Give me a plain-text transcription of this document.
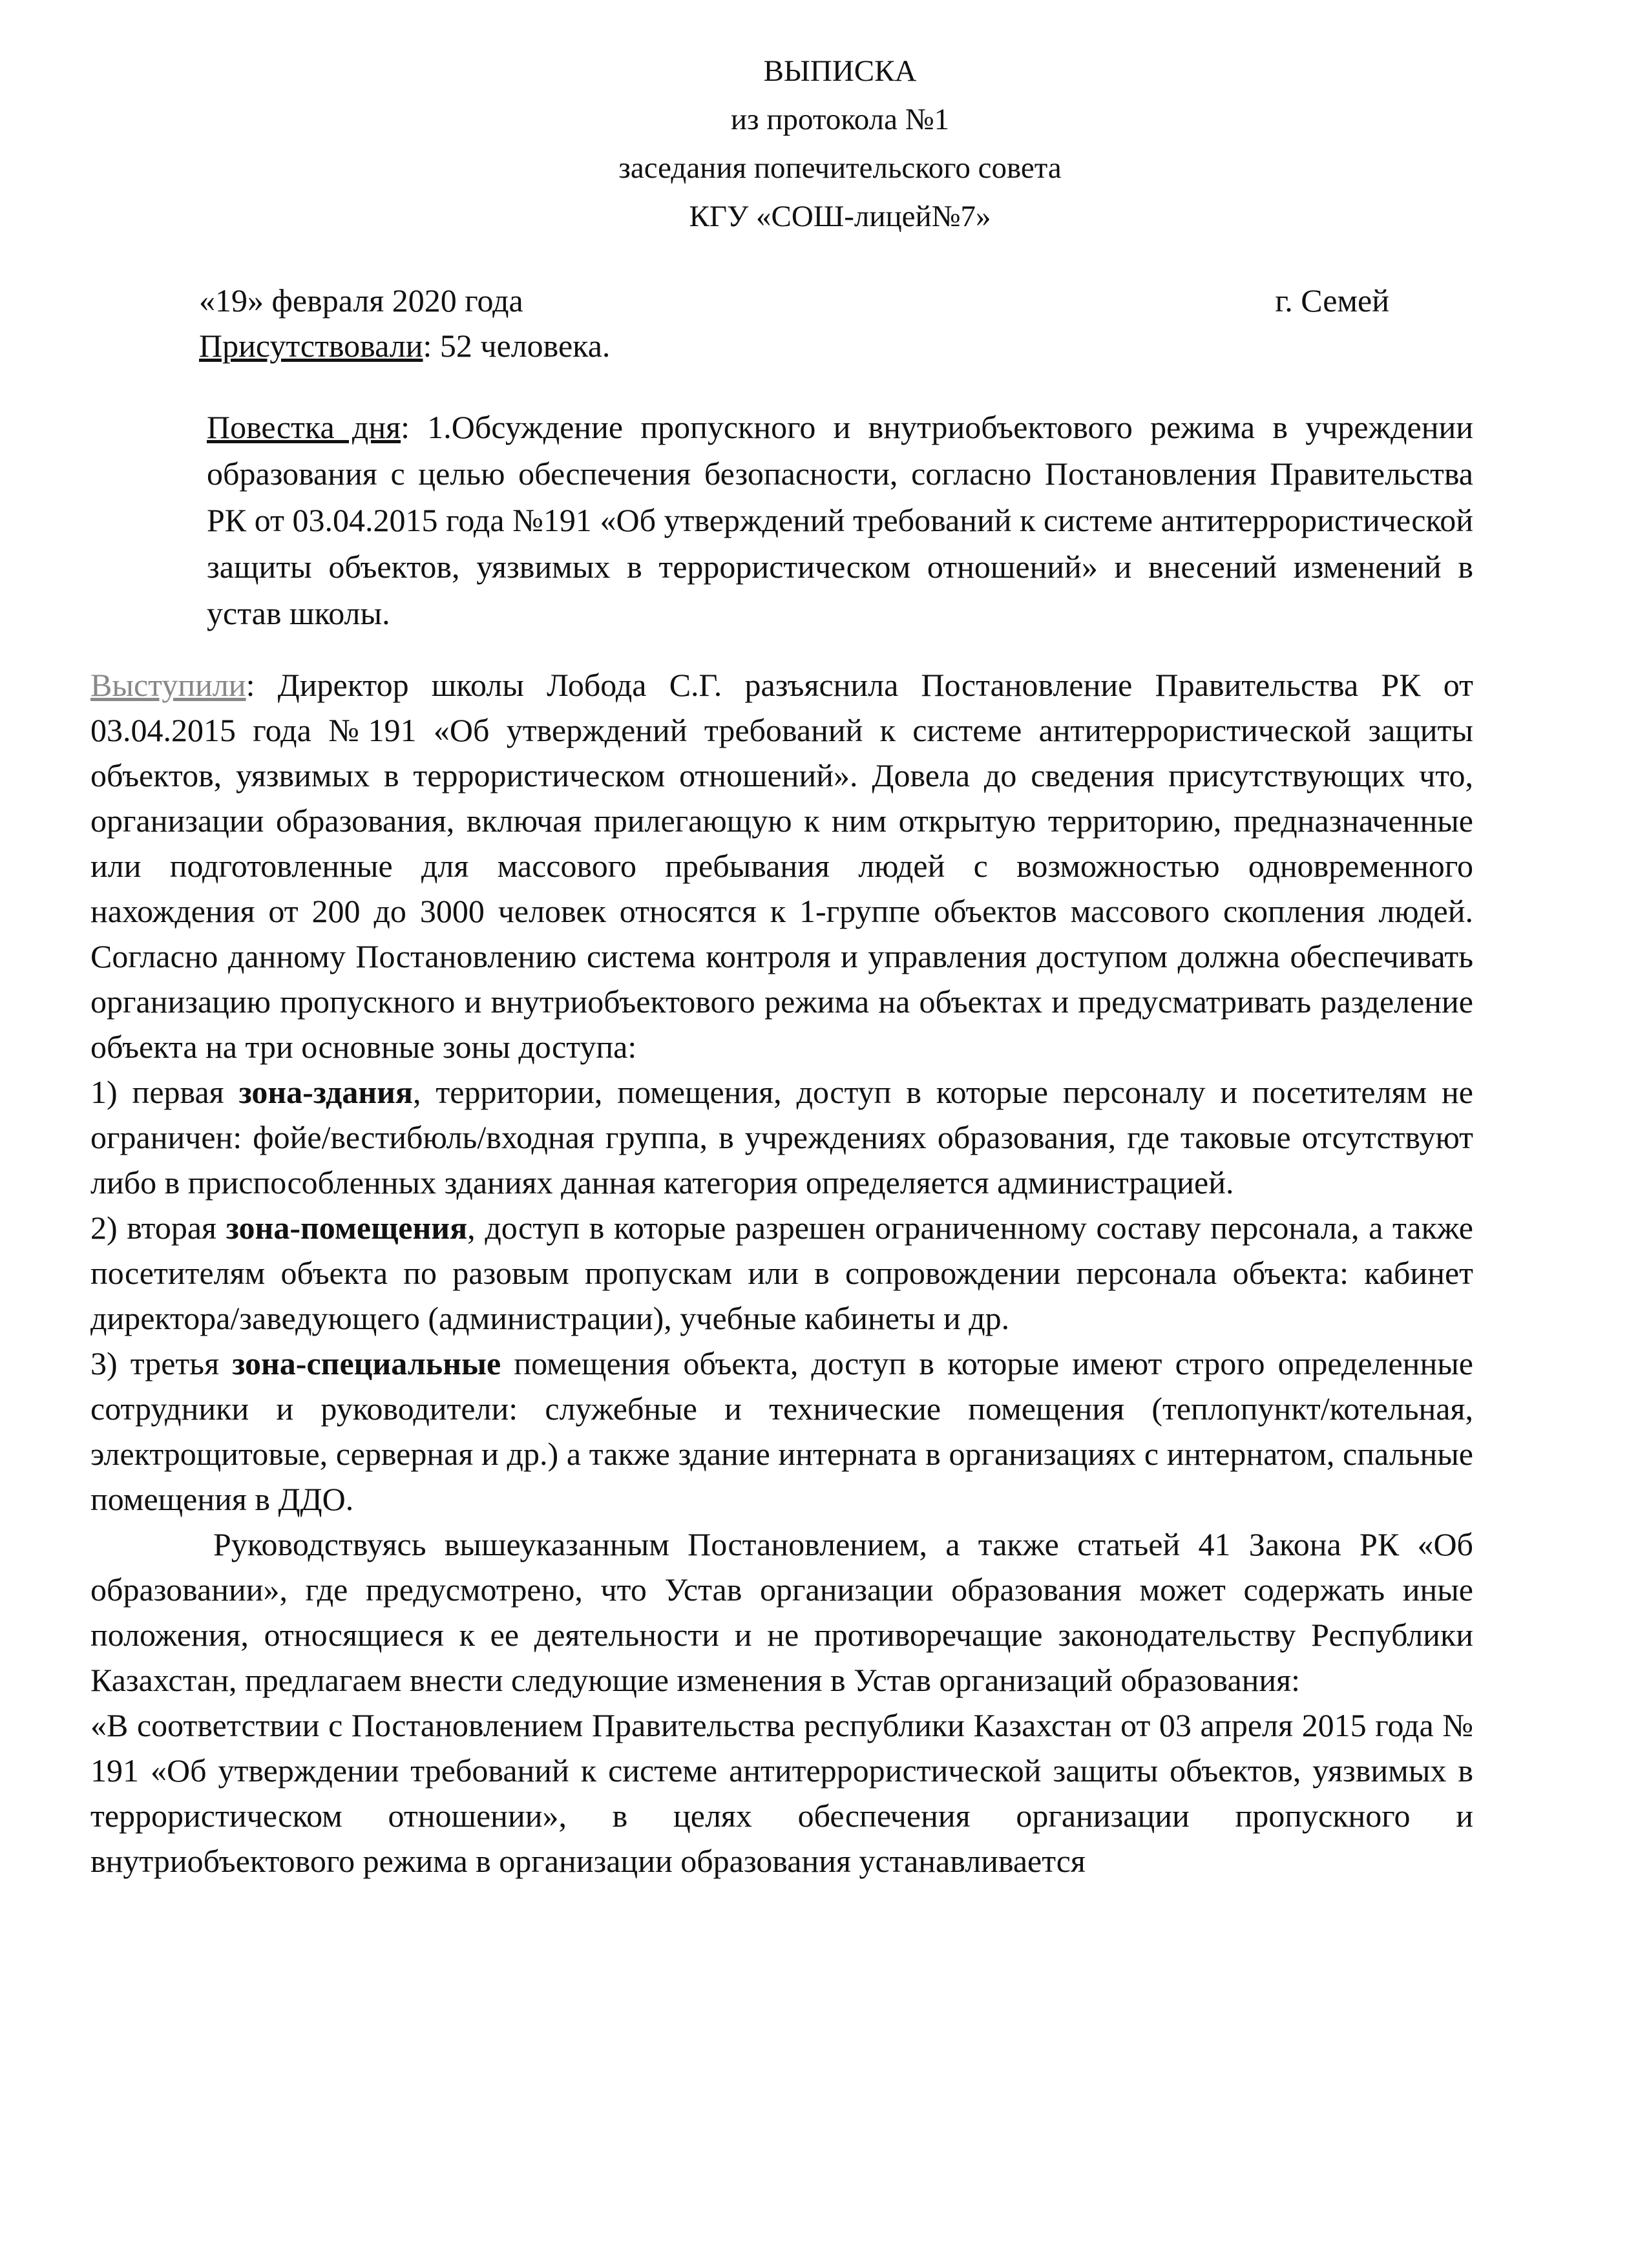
ВЫПИСКА
из протокола №1
заседания попечительского совета
КГУ «СОШ-лицей№7»
«19» февраля 2020 года	г. Семей
Присутствовали: 52 человека.
Повестка дня: 1.Обсуждение пропускного и внутриобъектового режима в учреждении образования с целью обеспечения безопасности, согласно Постановления Правительства РК от 03.04.2015 года №191 «Об утверждений требований к системе антитеррористической защиты объектов, уязвимых в террористическом отношений» и внесений изменений в устав школы.

Выступили: Директор школы Лобода С.Г. разъяснила Постановление Правительства РК от 03.04.2015 года №191 «Об утверждений требований к системе антитеррористической защиты объектов, уязвимых в террористическом отношений». Довела до сведения присутствующих что, организации образования, включая прилегающую к ним открытую территорию, предназначенные или подготовленные для массового пребывания людей с возможностью одновременного нахождения от 200 до 3000 человек относятся к 1-группе объектов массового скопления людей. Согласно данному Постановлению система контроля и управления доступом должна обеспечивать организацию пропускного и внутриобъектового режима на объектах и предусматривать разделение объекта на три основные зоны доступа:

1) первая зона-здания, территории, помещения, доступ в которые персоналу и посетителям не ограничен: фойе/вестибюль/входная группа, в учреждениях образования, где таковые отсутствуют либо в приспособленных зданиях данная категория определяется администрацией.

2) вторая зона-помещения, доступ в которые разрешен ограниченному составу персонала, а также посетителям объекта по разовым пропускам или в сопровождении персонала объекта: кабинет директора/заведующего (администрации), учебные кабинеты и др.

3) третья зона-специальные помещения объекта, доступ в которые имеют строго определенные сотрудники и руководители: служебные и технические помещения (теплопункт/котельная, электрощитовые, серверная и др.) а также здание интерната в организациях с интернатом, спальные помещения в ДДО.

Руководствуясь вышеуказанным Постановлением, а также статьей 41 Закона РК «Об образовании», где предусмотрено, что Устав организации образования может содержать иные положения, относящиеся к ее деятельности и не противоречащие законодательству Республики Казахстан, предлагаем внести следующие изменения в Устав организаций образования:

«В соответствии с Постановлением Правительства республики Казахстан от 03 апреля 2015 года № 191 «Об утверждении требований к системе антитеррористической защиты объектов, уязвимых в террористическом отношении», в целях обеспечения организации пропускного и внутриобъектового режима в организации образования устанавливается
